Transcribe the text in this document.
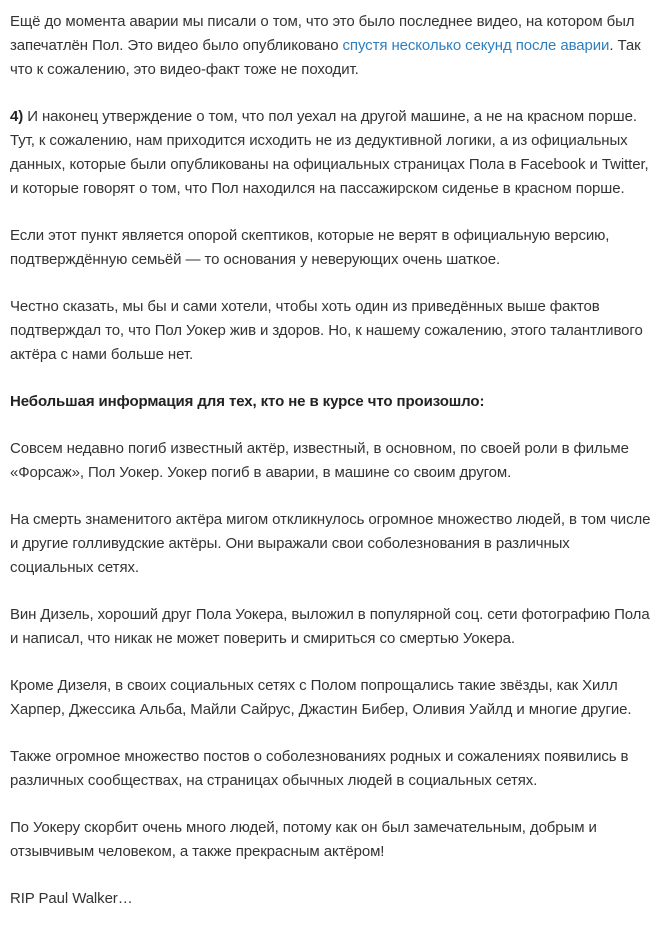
Ещё до момента аварии мы писали о том, что это было последнее видео, на котором был запечатлён Пол. Это видео было опубликовано спустя несколько секунд после аварии. Так что к сожалению, это видео-факт тоже не походит.

4) И наконец утверждение о том, что пол уехал на другой машине, а не на красном порше. Тут, к сожалению, нам приходится исходить не из дедуктивной логики, а из официальных данных, которые были опубликованы на официальных страницах Пола в Facebook и Twitter, и которые говорят о том, что Пол находился на пассажирском сиденье в красном порше.

Если этот пункт является опорой скептиков, которые не верят в официальную версию, подтверждённую семьёй — то основания у неверующих очень шаткое.

Честно сказать, мы бы и сами хотели, чтобы хоть один из приведённых выше фактов подтверждал то, что Пол Уокер жив и здоров. Но, к нашему сожалению, этого талантливого актёра с нами больше нет.

Небольшая информация для тех, кто не в курсе что произошло:

Совсем недавно погиб известный актёр, известный, в основном, по своей роли в фильме «Форсаж», Пол Уокер. Уокер погиб в аварии, в машине со своим другом.

На смерть знаменитого актёра мигом откликнулось огромное множество людей, в том числе и другие голливудские актёры. Они выражали свои соболезнования в различных социальных сетях.

Вин Дизель, хороший друг Пола Уокера, выложил в популярной соц. сети фотографию Пола и написал, что никак не может поверить и смириться со смертью Уокера.

Кроме Дизеля, в своих социальных сетях с Полом попрощались такие звёзды, как Хилл Харпер, Джессика Альба, Майли Сайрус, Джастин Бибер, Оливия Уайлд и многие другие.

Также огромное множество постов о соболезнованиях родных и сожалениях появились в различных сообществах, на страницах обычных людей в социальных сетях.

По Уокеру скорбит очень много людей, потому как он был замечательным, добрым и отзывчивым человеком, а также прекрасным актёром!

RIP Paul Walker…
